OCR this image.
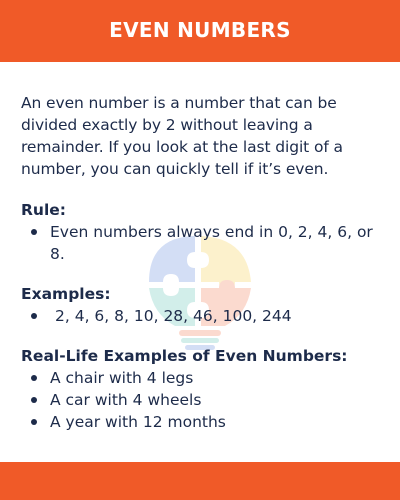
EVEN NUMBERS

An even number is a number that can be divided exactly by 2 without leaving a remainder. If you look at the last digit of a number, you can quickly tell if it’s even.

Rule:

Even numbers always end in 0, 2, 4, 6, or 8.

Examples:

2, 4, 6, 8, 10, 28, 46, 100, 244

Real-Life Examples of Even Numbers:

A chair with 4 legs
A car with 4 wheels
A year with 12 months
